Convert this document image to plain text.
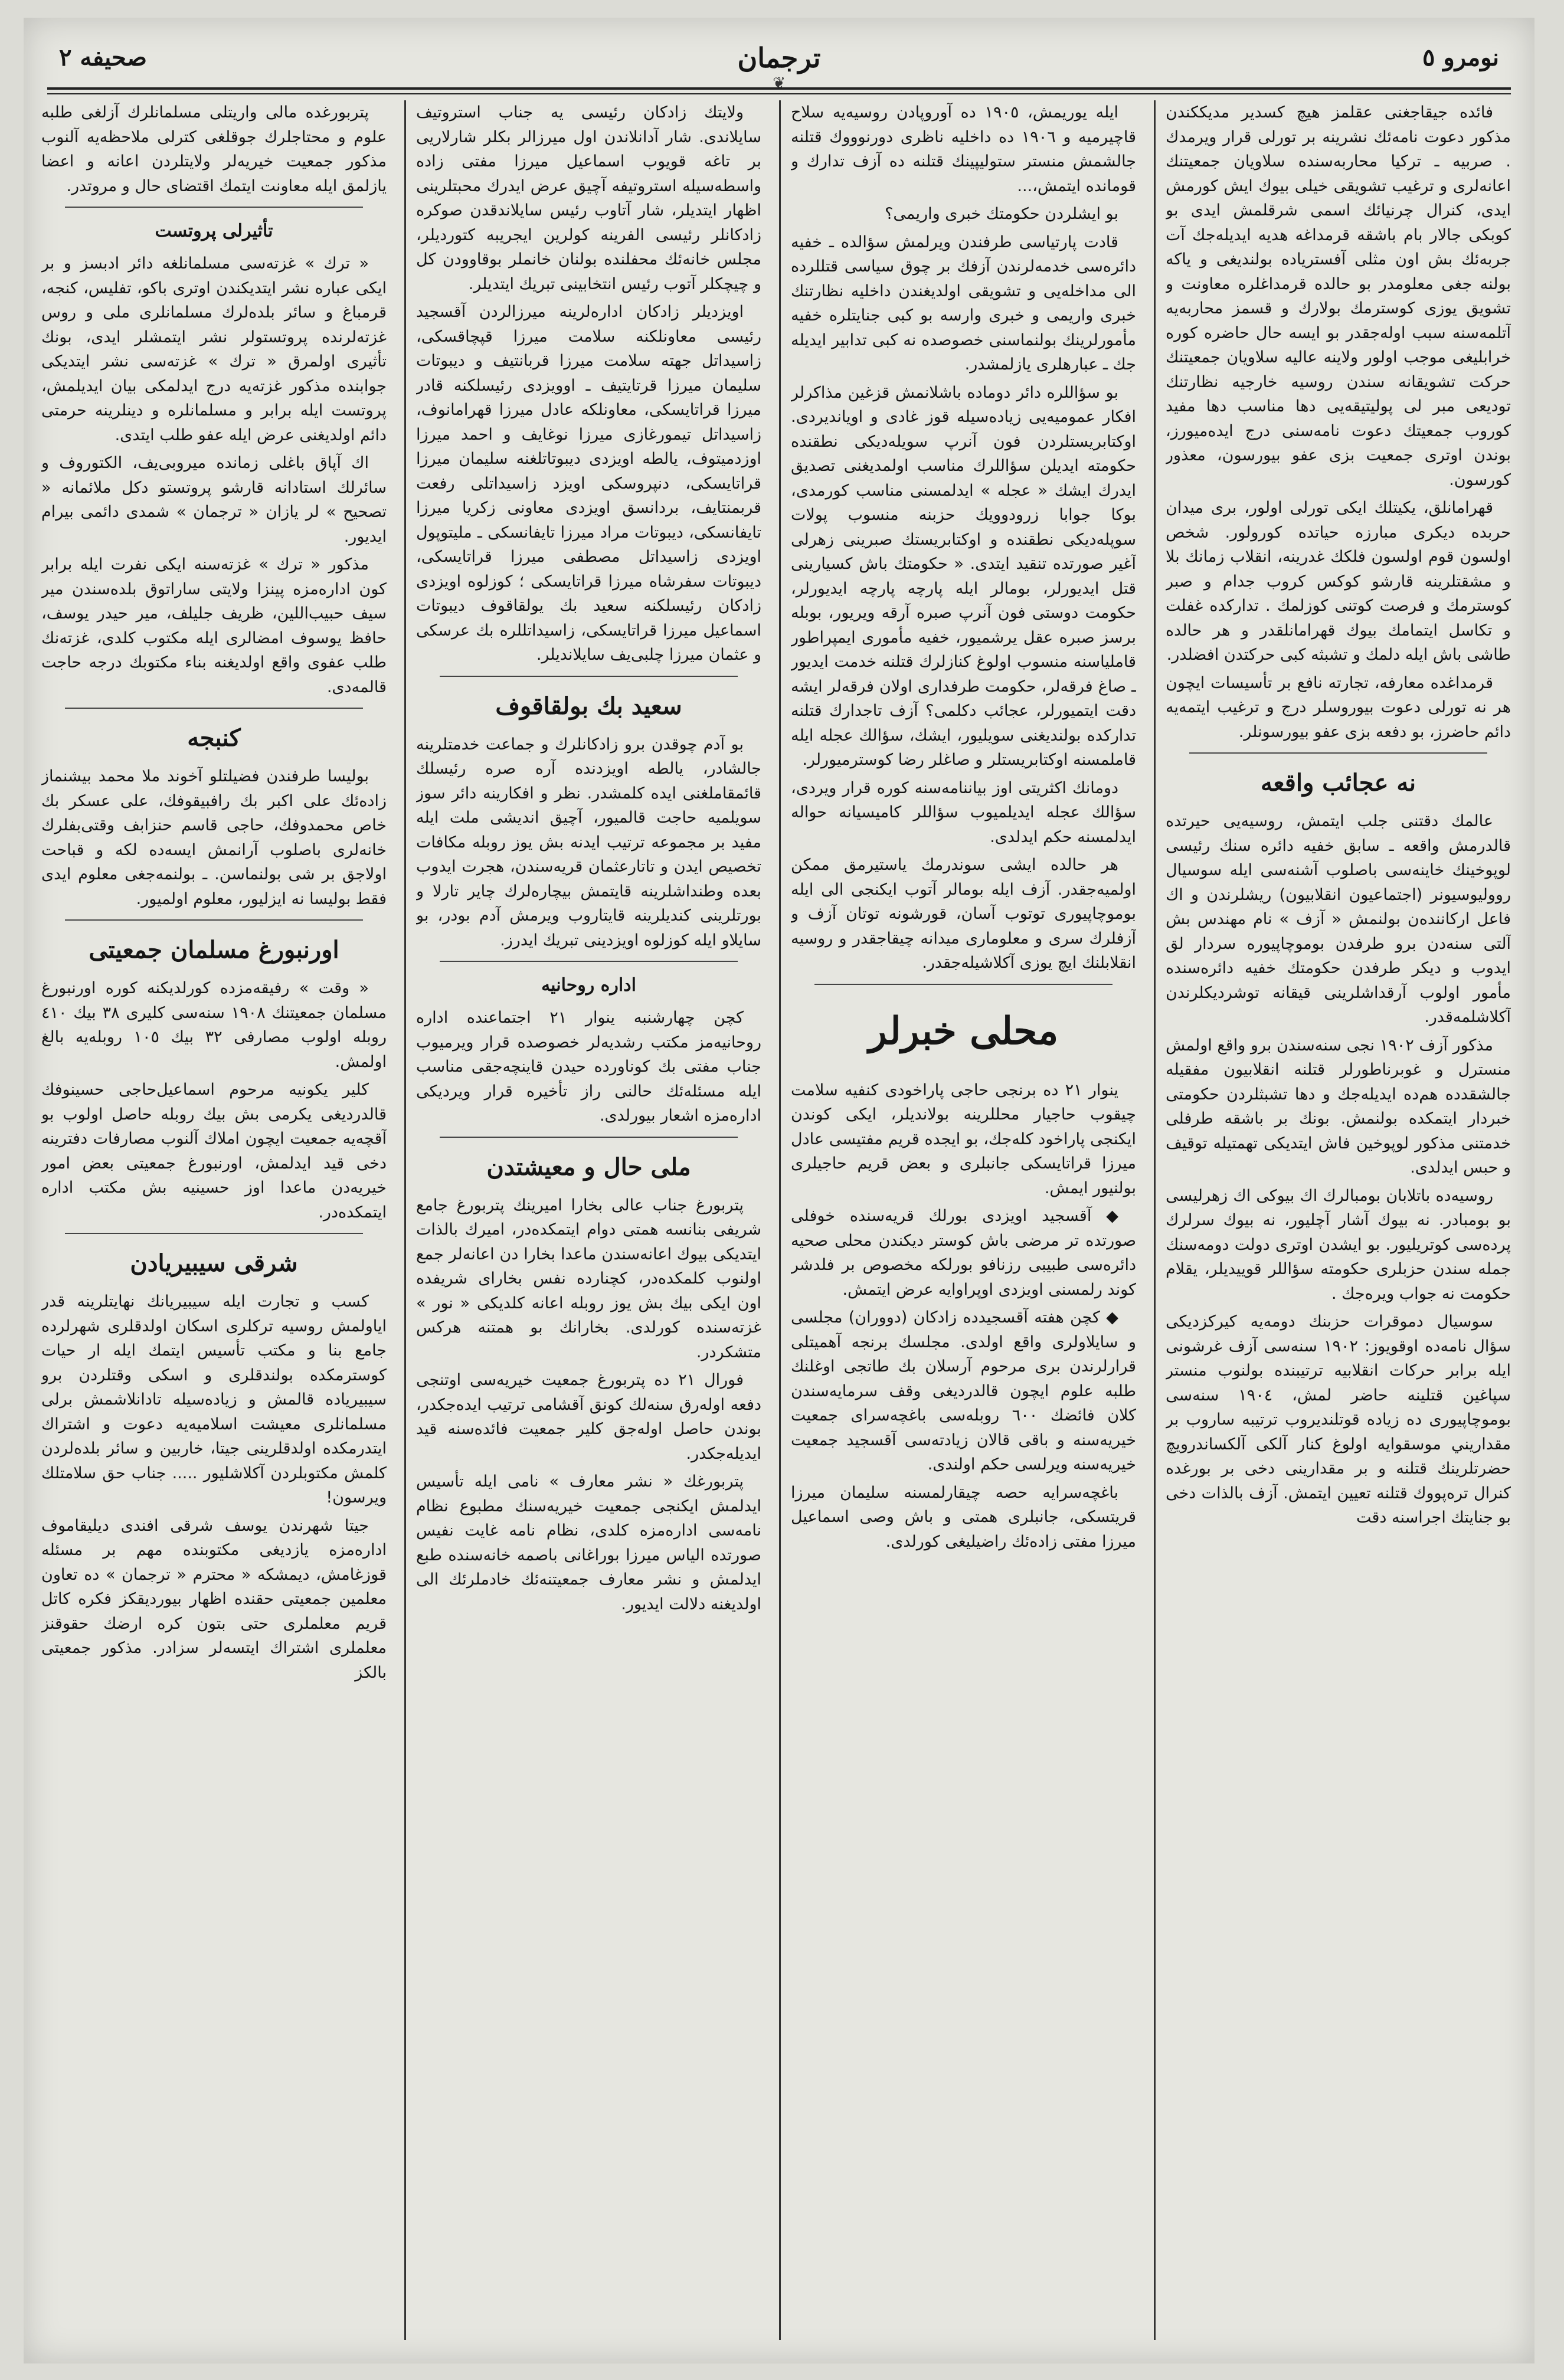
نومرو ٥
ترجمان
صحیفه ٢
❦

فائده جیقاجغنی عقلمز هیچ کسدیر مدیککندن مذکور دعوت نامه‌ئك نشرینه بر تورلی قرار ویرمدك . صربیه ـ ترکیا محاربه‌سنده سلاویان جمعیتنك اعانه‌لری و ترغیب تشویقی خیلی بیوك ایش کورمش ایدی، کنرال چرنیائك اسمی شرقلمش ایدی بو کوبکی جالار بام باشقه قرمداغه هدیه ایدیله‌جك آت جربه‌ئك بش اون مثلی آفستریاده بولندیغی و یاکه بولنه جغی معلومدر بو حالده قرمداغلره معاونت و تشویق یوزی کوسترمك بولارك و قسمز محاربه‌یه آتلمه‌سنه سبب اوله‌جقدر بو ایسه حال حاضره کوره خرابلیغی موجب اولور ولاينه عالیه سلاویان جمعیتنك حرکت تشویقانه سندن روسیه خارجیه نظارتنك تودیعی مبر لی پولیتیقه‌یی دها مناسب دها مفید کوروب جمعیتك دعوت نامه‌سنی درج ایده‌میورز، بوندن اوتری جمعیت بزی عفو بیورسون، معذور کورسون.

قهرامانلق، یکیتلك ایکی تورلی اولور، بری میدان حربده دیکری مبارزه حیاتده کورولور. شخص اولسون قوم اولسون فلکك غدرینه، انقلاب زمانك بلا و مشقتلرینه قارشو کوکس کروب جدام و صبر کوسترمك و فرصت کوتنی کوزلمك . تدارکده غفلت و تکاسل ایتمامك بیوك قهرامانلقدر و هر حالده طاشی باش ایله دلمك و تشبثه کبی حرکتدن افضلدر.

قرمداغده معارفه، تجارته نافع بر تأسیسات ایچون هر نه تورلی دعوت بیوروسلر درج و ترغیب ایتمه‌یه دائم حاضرز، بو دفعه بزی عفو بیورسونلر.

نه عجائب واقعه

عالمك دقتنی جلب ایتمش، روسیه‌یی حیرتده قالدرمش واقعه ـ سابق خفیه دائره سنك رئیسی لوپوخینك خاینه‌سی باصلوب آشنه‌سی ایله سوسیال روولیوسیونر (اجتماعیون انقلابیون) ریشلرندن و اك فاعل ارکاننده‌ن بولنمش « آزف » نام مهندس بش آلتی سنه‌دن برو طرفدن بوموچاپیوره سردار لق ایدوب و دیکر طرفدن حکومتك خفیه دائره‌سنده مأمور اولوب آرقداشلرینی قیقانه توشردیکلرندن آکلاشلمه‌قدر.

مذکور آزف ١٩٠٢ نجی سنه‌سندن برو واقع اولمش منسترل و غوبرناطورلر قتلنه انقلابیون مفقیله جالشقدده هم‌ده ایدیله‌جك و دها تشبثلردن حکومتی خبردار ایتمکده بولنمش. بونك بر باشقه طرفلی خدمتنی مذکور لوپوخین فاش ایتدیکی تهمتیله توقیف و حبس ایدلدی.

روسیه‌ده باتلابان بومبالرك اك بیوکی اك زهرلیسی بو بومبادر. نه بیوك آشار آچلیور، نه بیوك سرلرك پرده‌سی کوتریلیور. بو ایشدن اوتری دولت دومه‌سنك جمله سندن حزبلری حکومته سؤاللر قوییدیلر، یقلام حکومت نه جواب ویره‌جك .

سوسیال دموقرات حزبنك دومه‌یه کیرکزدیکی سؤال نامه‌ده اوقویوز: ١٩٠٢ سنه‌سی آزف غرشونی ایله برابر حرکات انقلابیه ترتیبنده بولنوب منستر سپاغین قتلینه حاضر لمش، ١٩٠٤ سنه‌سی بوموچاپیوری ده زیاده قوتلندیروب ترتیبه ساروب بر مقداريني موسقوایه اولوغ کنار آلکی آلکساندرویچ حضرتلرینك قتلنه و بر مقدارینی دخی بر بورغده کنرال تره‌پووك قتلنه تعیین ایتمش. آزف بالذات دخی بو جنایتك اجراسنه دقت

ایله یوریمش، ١٩٠٥ ده آوروپادن روسیه‌یه سلاح قاچیرمیه و ١٩٠٦ ده داخلیه ناظری دورنوووك قتلنه جالشمش منستر ستولیپینك قتلنه ده آزف تدارك و قومانده ایتمش،...

بو ایشلردن حکومتك خبری واریمی؟

قادت پارتیاسی طرفندن ویرلمش سؤالده ـ خفیه دائره‌سی خدمه‌لرندن آزفك بر چوق سیاسی قتللرده الی مداخله‌یی و تشویقی اولدیغندن داخلیه نظارتنك خبری واریمی و خبری وارسه بو کبی جنایتلره خفیه مأمورلرینك بولنماسنی خصوصده نه کبی تدابیر ایدیله جك ـ عبارهلری یازلمشدر.

بو سؤاللره دائر دوماده باشلانمش قزغین مذاکرلر افکار عمومیه‌یی زیاده‌سیله قوز غادی و اویاندیردی. اوکتابریستلردن فون آنرپ سویله‌دیکی نطقنده حکومته ایدیلن سؤاللرك مناسب اولمدیغنی تصدیق ایدرك ایشك « عجله » ایدلمسنی مناسب کورمدی، بوکا جوابا زرودوویك حزبنه منسوب پولات سوپله‌دیکی نطقنده و اوکتابریستك صبرینی زهرلی آغیر صورتده تنقید ایتدی. « حکومتك باش کسیارینی قتل ایدیورلر، بومالر ایله پارچه پارچه ایدیورلر، حکومت دوستی فون آنرپ صبره آرقه ویریور، بوبله برسز صبره عقل یرشمیور، خفیه مأموری ایمپراطور قاملیاسنه منسوب اولوغ کنازلرك قتلنه خدمت ایدیور ـ صاغ فرقه‌لر، حکومت طرفداری اولان فرقه‌لر ایشه دقت ایتمیورلر، عجائب دکلمی؟ آزف تاجدارك قتلنه تدارکده بولندیغنی سویلیور، ایشك، سؤالك عجله ایله قاملمسنه اوکتابریستلر و صاغلر رضا کوسترمیورلر.

دومانك اکثریتی اوز بیاننامه‌سنه کوره قرار ویردی، سؤالك عجله ایدیلمیوب سؤاللر کامیسیانه حواله ایدلمسنه حکم ایدلدی.

هر حالده ایشی سوندرمك یاستیرمق ممکن اولمیه‌جقدر. آزف ایله بومالر آتوب ایکنجی الی ایله بوموچاپیوری توتوب آسان، قورشونه توتان آزف و آزفلرك سری و معلوماری میدانه چیقاجقدر و روسیه انقلابلنك ایچ یوزی آکلاشیله‌جقدر.

محلی خبرلر

ینوار ٢١ ده برنجی حاجی پاراخودی کنفیه سلامت چیقوب حاجیار محللرینه بولاندیلر، ایکی کوندن ایکنجی پاراخود کله‌جك، بو ایجده قریم مفتیسی عادل میرزا قراتایسکی جانبلری و بعض قریم حاجیلری بولنیور ایمش.

◆ آقسجید اویزدی بورلك قریه‌سنده خوفلی صورتده تر مرضی باش کوستر دیکندن محلی صحیه دائره‌سی طبیبی رزنافو بورلکه مخصوص بر فلدشر کوند رلمسنی اویزدی اوپراوایه عرض ایتمش.

◆ کچن هفته آقسجیدده زادکان (دووران) مجلسی و سایلاولری واقع اولدی. مجلسك برنجه آهمیتلی قرارلرندن بری مرحوم آرسلان بك طاتجی اوغلنك طلبه علوم ایچون قالدردیغی وقف سرمایه‌سندن کلان فائضك ٦٠٠ روبله‌سی باغچه‌سرای جمعیت خیریه‌سنه و باقی قالان زیادته‌سی آقسجید جمعیت خیریه‌سنه ویرلسی حکم اولندی.

باغچه‌سرایه حصه چیقارلمسنه سلیمان میرزا قریتسکی، جانبلری همتی و باش وصی اسماعیل میرزا مفتی زاده‌ئك راضیلیغی کورلدی.

ولایتك زادکان رئیسی یه جناب استروتیف سایلاندی. شار آدانلاندن اول میرزالر بکلر شارلاریی بر تاغه قویوب اسماعیل میرزا مفتی زاده واسطه‌سیله استروتیفه آچیق عرض ایدرك محبتلرینی اظهار ایتدیلر، شار آتاوب رئیس سایلاندقدن صوکره زادکانلر رئیسی الفرینه کولرین ایجریبه کتوردیلر، مجلس خانه‌ئك محفلنده بولنان خانملر بوقاوودن کل و چیچکلر آتوب رئیس انتخابینی تبریك ایتدیلر.

اویزدیلر زادکان اداره‌لرینه میرزالردن آقسجید رئیسی معاونلکنه سلامت میرزا قپچاقسکی، زاسیداتل جهته سلامت میرزا قربانتیف و دیبوتات سلیمان میرزا قرتایتیف ـ اوویزدی رئیسلکنه قادر میرزا قراتایسکی، معاونلکه عادل میرزا قهرامانوف، زاسیداتل تیمورغازی میرزا نوغایف و احمد میرزا اوزدمیتوف، یالطه اویزدی دیبوتاتلغنه سلیمان میرزا قراتایسکی، دنپروسکی اویزد زاسیداتلی رفعت قربمنتایف، بردانسق اویزدی معاونی زکریا میرزا تایفانسکی، دیبوتات مراد میرزا تایفانسکی ـ ملیتوپول اویزدی زاسیداتل مصطفی میرزا قراتایسکی، دیبوتات سفرشاه میرزا قراتایسکی ؛ کوزلوه اویزدی زادکان رئیسلکنه سعید بك یولقاقوف دیبوتات اسماعیل میرزا قراتایسکی، زاسیداتللره بك عرسکی و عثمان میرزا چلبی‌یف سایلاندیلر.

سعید بك بولقاقوف

بو آدم چوقدن برو زادکانلرك و جماعت خدمتلرینه جالشادر، یالطه اویزدنده آره صره رئیسلك قائمقاملغنی ایده کلمشدر. نظر و افکارینه دائر سوز سویلمیه حاجت قالمیور، آچیق اندیشی ملت ایله مفید بر مجموعه ترتیب ایدنه بش یوز روبله مکافات تخصیص ایدن و تاتارعثمان قریه‌سندن، هجرت ایدوب بعده وطنداشلرینه قایتمش بیچاره‌لرك چایر تارلا و بورتلرینی کندیلرینه قایتاروب ویرمش آدم بودر، بو سایلاو ایله کوزلوه اویزدینی تبریك ایدرز.

اداره روحانیه

کچن چهارشنبه ینوار ٢١ اجتماعنده اداره روحانیه‌مز مکتب رشدیه‌لر خصوصده قرار ویرمیوب جناب مفتی بك کوناورده حیدن قاینچه‌جقی مناسب ایله مسئله‌ئك حالنی راز تأخیره قرار ویردیکی اداره‌مزه اشعار بیورلدی.

ملی حال و معیشتدن

پتربورغ جناب عالی بخارا امیرینك پتربورغ جامع شریفی بنانسه همتی دوام ایتمکده‌در، امیرك بالذات ایتدیکی بیوك اعانه‌سندن ماعدا بخارا دن اعانه‌لر جمع اولنوب کلمکده‌در، کچنارده نفس بخارای شریفده اون ایکی بیك بش یوز روبله اعانه کلدیکی « نور » غزته‌سنده کورلدی. بخارانك بو همتنه هرکس متشکردر.

فورال ٢١ ده پتربورغ جمعیت خیریه‌سی اوتنجی دفعه اوله‌رق سنه‌لك کونق آقشامی ترتیب ایده‌جکدر، بوندن حاصل اوله‌جق کلیر جمعیت فائده‌سنه قید ایدیله‌جکدر.

پتربورغك « نشر معارف » نامی ایله تأسیس ایدلمش ایکنجی جمعیت خیریه‌سنك مطبوع نظام نامه‌سی اداره‌مزه کلدی، نظام نامه غایت نفیس صورتده الیاس میرزا بوراغانی باصمه خانه‌سنده طبع ایدلمش و نشر معارف جمعیتنه‌ئك خادملرئك الی اولدیغنه دلالت ایدیور.

پتربورغده مالی واریتلی مسلمانلرك آزلغی طلبه علوم و محتاجلرك جوقلغی کترلی ملاحظه‌یه آلنوب مذکور جمعیت خیریه‌لر ولایتلردن اعانه و اعضا یازلمق ایله معاونت ایتمك اقتضای حال و مروتدر.

تأثیرلی پروتست

« ترك » غزته‌سی مسلمانلغه دائر ادبسز و بر ایکی عباره نشر ایتدیکندن اوتری باکو، تفلیس، کنجه، قرمباغ و سائر بلده‌لرك مسلمانلری ملی و روس غزته‌لرنده پروتستولر نشر ایتمشلر ایدی، بونك تأثیری اولمرق « ترك » غزته‌سی نشر ایتدیکی جوابنده مذکور غزته‌یه درج ایدلمکی بیان ایدیلمش، پروتست ایله برابر و مسلمانلره و دینلرینه حرمتی دائم اولدیغنی عرض ایله عفو طلب ایتدی.

اك آپاق باغلی زمانده میروبی‌یف، الکتوروف و سائرلك استادانه قارشو پروتستو دکل ملائمانه « تصحیح » لر یازان « ترجمان » شمدی دائمی بیرام ایدیور.

مذکور « ترك » غزته‌سنه ایکی نفرت ایله برابر کون اداره‌مزه پینزا ولایتی ساراتوق بلده‌سندن میر سیف حبیب‌اللین، ظریف جلیلف، میر حیدر یوسف، حافظ یوسوف امضالری ایله مکتوب کلدی، غزته‌نك طلب عفوی واقع اولدیغنه بناء مکتوبك درجه حاجت قالمه‌دی.

کنبجه

بولیسا طرفندن فضیلتلو آخوند ملا محمد بیشنماز زاده‌ئك علی اکبر بك رافبیقوفك، علی عسکر بك خاص محمدوفك، حاجی قاسم حنزابف وقتی‌بفلرك خانه‌لری باصلوب آرانمش ایسه‌ده لکه و قباحت اولاجق بر شی بولنماسن. ـ بولنمه‌جغی معلوم ایدی فقط بولیسا نه ایزلیور، معلوم اولمیور.

اورنبورغ مسلمان جمعیتی

« وقت » رفیقه‌مزده کورلدیکنه کوره اورنبورغ مسلمان جمعیتنك ١٩٠٨ سنه‌سی کلیری ٣٨ بیك ٤١٠ روبله اولوب مصارفی ٣٢ بیك ١٠٥ روبله‌یه بالغ اولمش.

کلیر یکونیه مرحوم اسماعیل‌حاجی حسینوفك قالدردیغی یکرمی بش بیك روبله حاصل اولوب بو آقچه‌یه جمعیت ایچون املاك آلنوب مصارفات دفترینه دخی قید ایدلمش، اورنبورغ جمعیتی بعض امور خیریه‌دن ماعدا اوز حسینیه بش مکتب اداره ایتمکده‌در.

شرقی سیبیریادن

کسب و تجارت ایله سیبیریانك نهایتلرینه قدر ایاولمش روسیه ترکلری اسکان اولدقلری شهرلرده جامع بنا و مکتب تأسیس ایتمك ایله ار حیات کوسترمکده بولندقلری و اسکی وقتلردن برو سیبیریاده قالمش و زیاده‌سیله تادانلاشمش برلی مسلمانلری معیشت اسلامیه‌یه دعوت و اشتراك ایتدرمکده اولدقلرینی جیتا، خاربین و سائر بلده‌لردن کلمش مکتوبلردن آکلاشلیور ..... جناب حق سلامتلك ویرسون!

جیتا شهرندن یوسف شرقی افندی دیلیقاموف اداره‌مزه یازدیغی مکتوبنده مهم بر مسئله قوزغامش، دیمشکه « محترم « ترجمان » ده تعاون معلمین جمعیتی حقنده اظهار بیوردیقکز فکره کاتل قریم معلملری حتی بتون کره ارضك حقوقنز معلملری اشتراك ایتسه‌لر سزادر. مذکور جمعیتی بالکز
